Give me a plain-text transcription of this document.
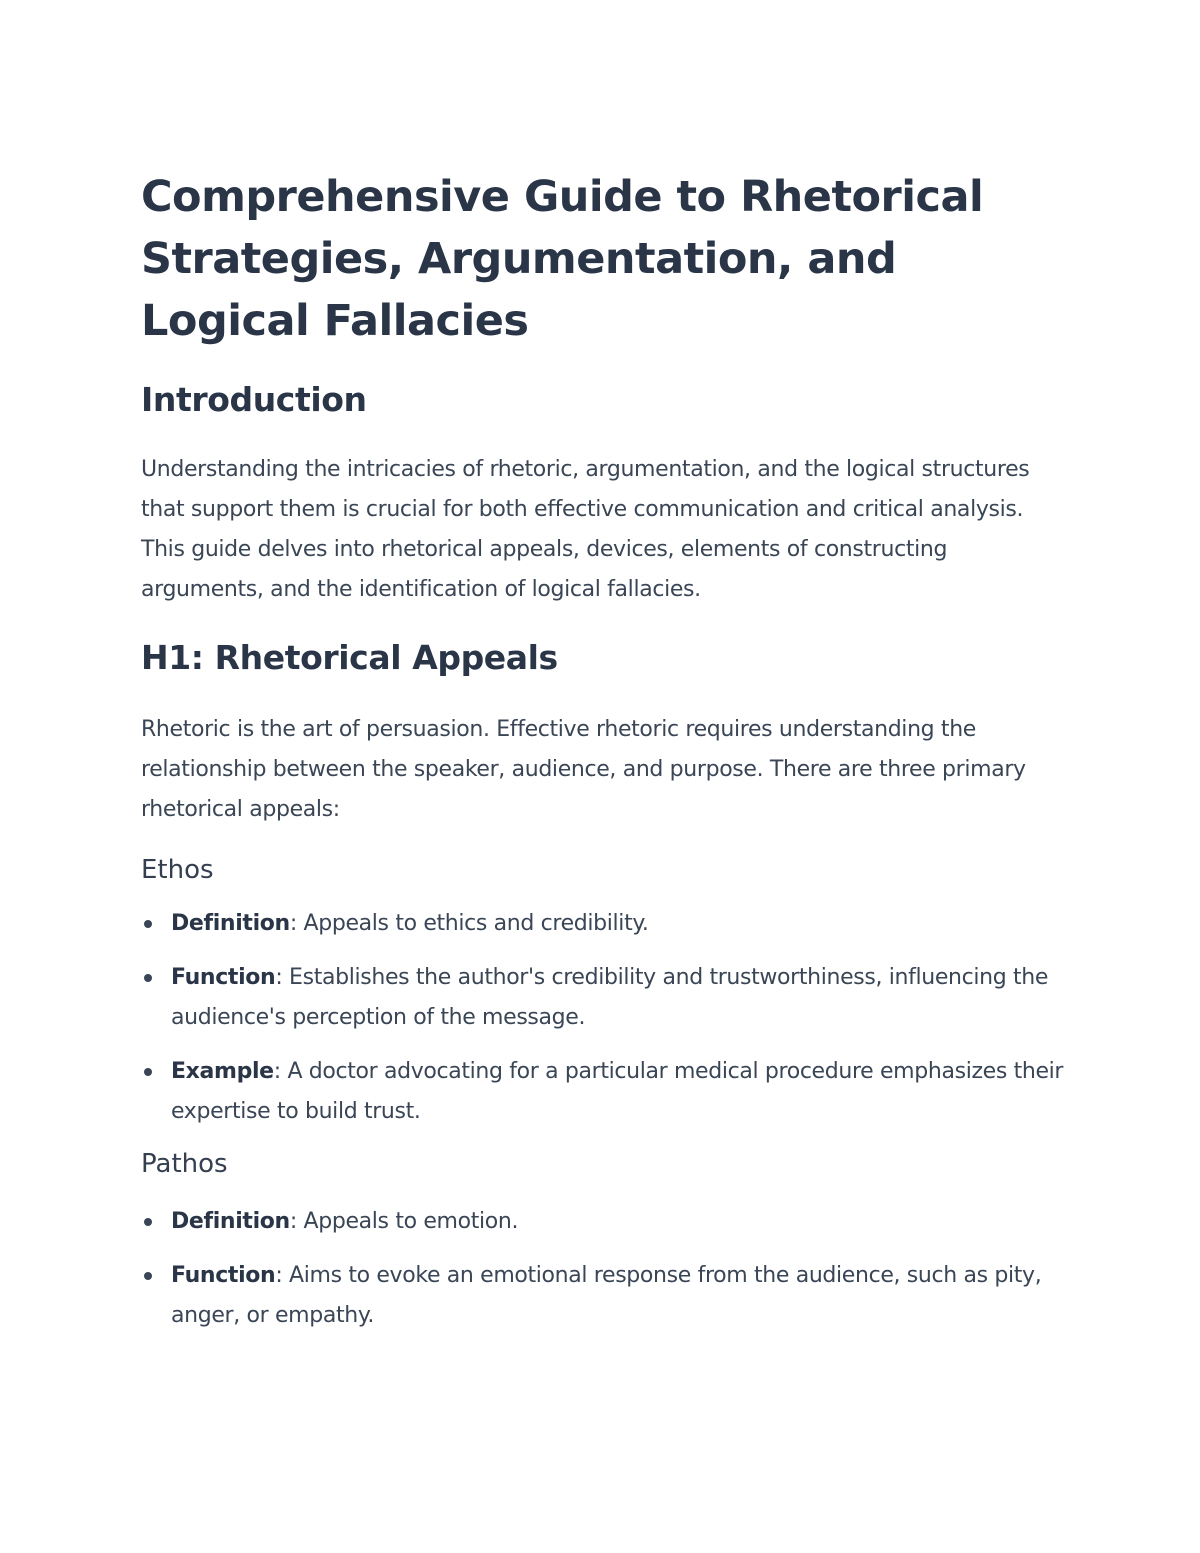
Comprehensive Guide to Rhetorical Strategies, Argumentation, and Logical Fallacies
Introduction

Understanding the intricacies of rhetoric, argumentation, and the logical structures that support them is crucial for both effective communication and critical analysis. This guide delves into rhetorical appeals, devices, elements of constructing arguments, and the identification of logical fallacies.

H1: Rhetorical Appeals

Rhetoric is the art of persuasion. Effective rhetoric requires understanding the relationship between the speaker, audience, and purpose. There are three primary rhetorical appeals:

Ethos
Definition: Appeals to ethics and credibility.
Function: Establishes the author's credibility and trustworthiness, influencing the audience's perception of the message.
Example: A doctor advocating for a particular medical procedure emphasizes their expertise to build trust.
Pathos
Definition: Appeals to emotion.
Function: Aims to evoke an emotional response from the audience, such as pity, anger, or empathy.
